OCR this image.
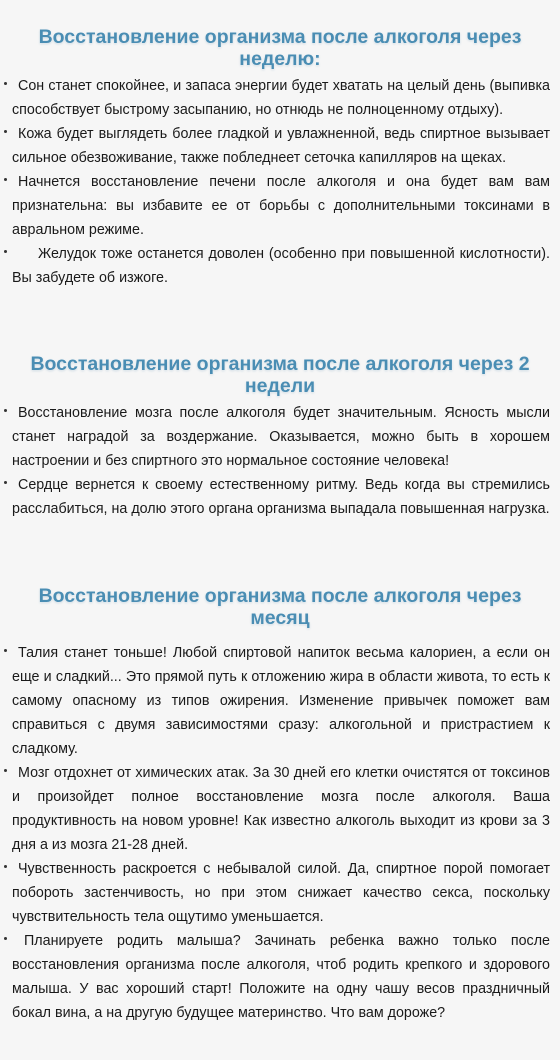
Восстановление организма после алкоголя через неделю:
Сон станет спокойнее, и запаса энергии будет хватать на целый день (выпивка способствует быстрому засыпанию, но отнюдь не полноценному отдыху).
Кожа будет выглядеть более гладкой и увлажненной, ведь спиртное вызывает сильное обезвоживание, также побледнеет сеточка капилляров на щеках.
Начнется восстановление печени после алкоголя и она будет вам вам признательна: вы избавите ее от борьбы с дополнительными токсинами в авральном режиме.
Желудок тоже останется доволен (особенно при повышенной кислотности). Вы забудете об изжоге.
Восстановление организма после алкоголя через 2 недели
Восстановление мозга после алкоголя будет значительным. Ясность мысли станет наградой за воздержание. Оказывается, можно быть в хорошем настроении и без спиртного это нормальное состояние человека!
Сердце вернется к своему естественному ритму. Ведь когда вы стремились расслабиться, на долю этого органа организма выпадала повышенная нагрузка.
Восстановление организма после алкоголя через месяц
Талия станет тоньше! Любой спиртовой напиток весьма калориен, а если он еще и сладкий... Это прямой путь к отложению жира в области живота, то есть к самому опасному из типов ожирения. Изменение привычек поможет вам справиться с двумя зависимостями сразу: алкогольной и пристрастием к сладкому.
Мозг отдохнет от химических атак. За 30 дней его клетки очистятся от токсинов и произойдет полное восстановление мозга после алкоголя. Ваша продуктивность на новом уровне! Как известно алкоголь выходит из крови за 3 дня а из мозга 21-28 дней.
Чувственность раскроется с небывалой силой. Да, спиртное порой помогает побороть застенчивость, но при этом снижает качество секса, поскольку чувствительность тела ощутимо уменьшается.
Планируете родить малыша? Зачинать ребенка важно только после восстановления организма после алкоголя, чтоб родить крепкого и здорового малыша. У вас хороший старт! Положите на одну чашу весов праздничный бокал вина, а на другую будущее материнство. Что вам дороже?
